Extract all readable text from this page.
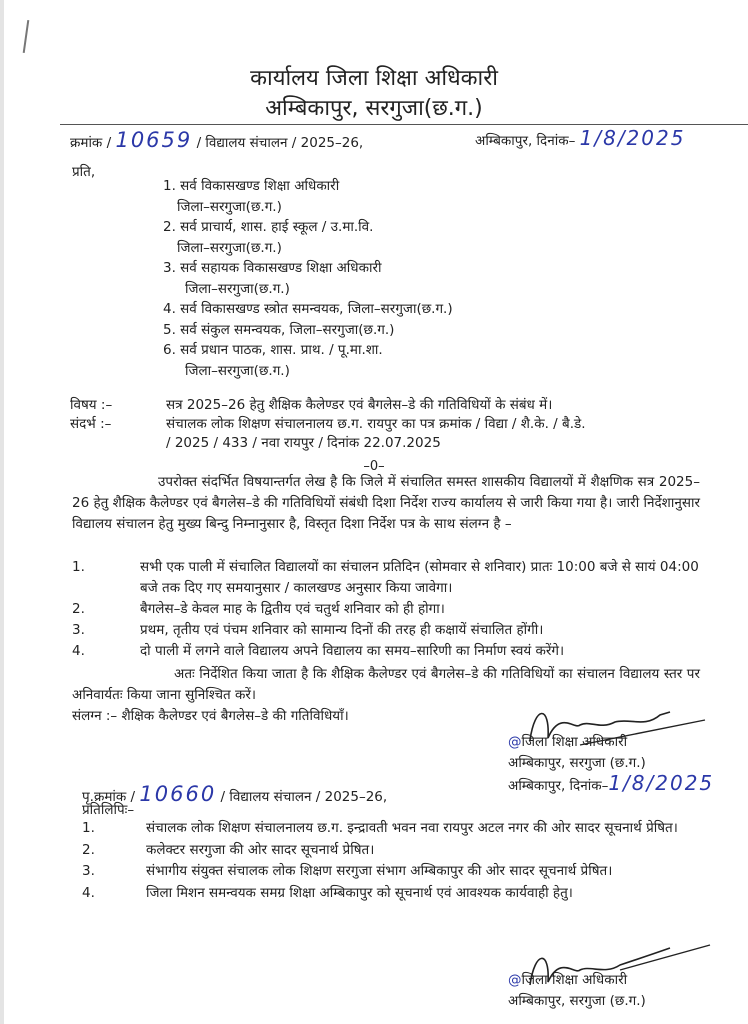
कार्यालय जिला शिक्षा अधिकारी
अम्बिकापुर, सरगुजा(छ.ग.)
क्रमांक / 10659 / विद्यालय संचालन / 2025–26,	अम्बिकापुर, दिनांक– 1/8/2025
प्रति,
1. सर्व विकासखण्ड शिक्षा अधिकारी
जिला–सरगुजा(छ.ग.)
2. सर्व प्राचार्य, शास. हाई स्कूल / उ.मा.वि.
जिला–सरगुजा(छ.ग.)
3. सर्व सहायक विकासखण्ड शिक्षा अधिकारी
जिला–सरगुजा(छ.ग.)
4. सर्व विकासखण्ड स्त्रोत समन्वयक, जिला–सरगुजा(छ.ग.)
5. सर्व संकुल समन्वयक, जिला–सरगुजा(छ.ग.)
6. सर्व प्रधान पाठक, शास. प्राथ. / पू.मा.शा.
जिला–सरगुजा(छ.ग.)
विषय :–	सत्र 2025–26 हेतु शैक्षिक कैलेण्डर एवं बैगलेस–डे की गतिविधियों के संबंध में।
संदर्भ :–	संचालक लोक शिक्षण संचालनालय छ.ग. रायपुर का पत्र क्रमांक / विद्या / शै.के. / बै.डे.
/ 2025 / 433 / नवा रायपुर / दिनांक 22.07.2025
–0–
उपरोक्त संदर्भित विषयान्तर्गत लेख है कि जिले में संचालित समस्त शासकीय विद्यालयों में शैक्षणिक सत्र 2025–26 हेतु शैक्षिक कैलेण्डर एवं बैगलेस–डे की गतिविधियों संबंधी दिशा निर्देश राज्य कार्यालय से जारी किया गया है। जारी निर्देशानुसार विद्यालय संचालन हेतु मुख्य बिन्दु निम्नानुसार है, विस्तृत दिशा निर्देश पत्र के साथ संलग्न है –
1.	सभी एक पाली में संचालित विद्यालयों का संचालन प्रतिदिन (सोमवार से शनिवार) प्रातः 10:00 बजे से सायं 04:00 बजे तक दिए गए समयानुसार / कालखण्ड अनुसार किया जावेगा।
2.	बैगलेस–डे केवल माह के द्वितीय एवं चतुर्थ शनिवार को ही होगा।
3.	प्रथम, तृतीय एवं पंचम शनिवार को सामान्य दिनों की तरह ही कक्षायें संचालित होंगी।
4.	दो पाली में लगने वाले विद्यालय अपने विद्यालय का समय–सारिणी का निर्माण स्वयं करेंगे।
अतः निर्देशित किया जाता है कि शैक्षिक कैलेण्डर एवं बैगलेस–डे की गतिविधियों का संचालन विद्यालय स्तर पर अनिवार्यतः किया जाना सुनिश्चित करें।
संलग्न :– शैक्षिक कैलेण्डर एवं बैगलेस–डे की गतिविधियाँ।
@जिला शिक्षा अधिकारी
अम्बिकापुर, सरगुजा (छ.ग.)
अम्बिकापुर, दिनांक–1/8/2025
पृ.क्रमांक / 10660 / विद्यालय संचालन / 2025–26,
प्रतिलिपिः–
1.	संचालक लोक शिक्षण संचालनालय छ.ग. इन्द्रावती भवन नवा रायपुर अटल नगर की ओर सादर सूचनार्थ प्रेषित।
2.	कलेक्टर सरगुजा की ओर सादर सूचनार्थ प्रेषित।
3.	संभागीय संयुक्त संचालक लोक शिक्षण सरगुजा संभाग अम्बिकापुर की ओर सादर सूचनार्थ प्रेषित।
4.	जिला मिशन समन्वयक समग्र शिक्षा अम्बिकापुर को सूचनार्थ एवं आवश्यक कार्यवाही हेतु।
@जिला शिक्षा अधिकारी
अम्बिकापुर, सरगुजा (छ.ग.)
